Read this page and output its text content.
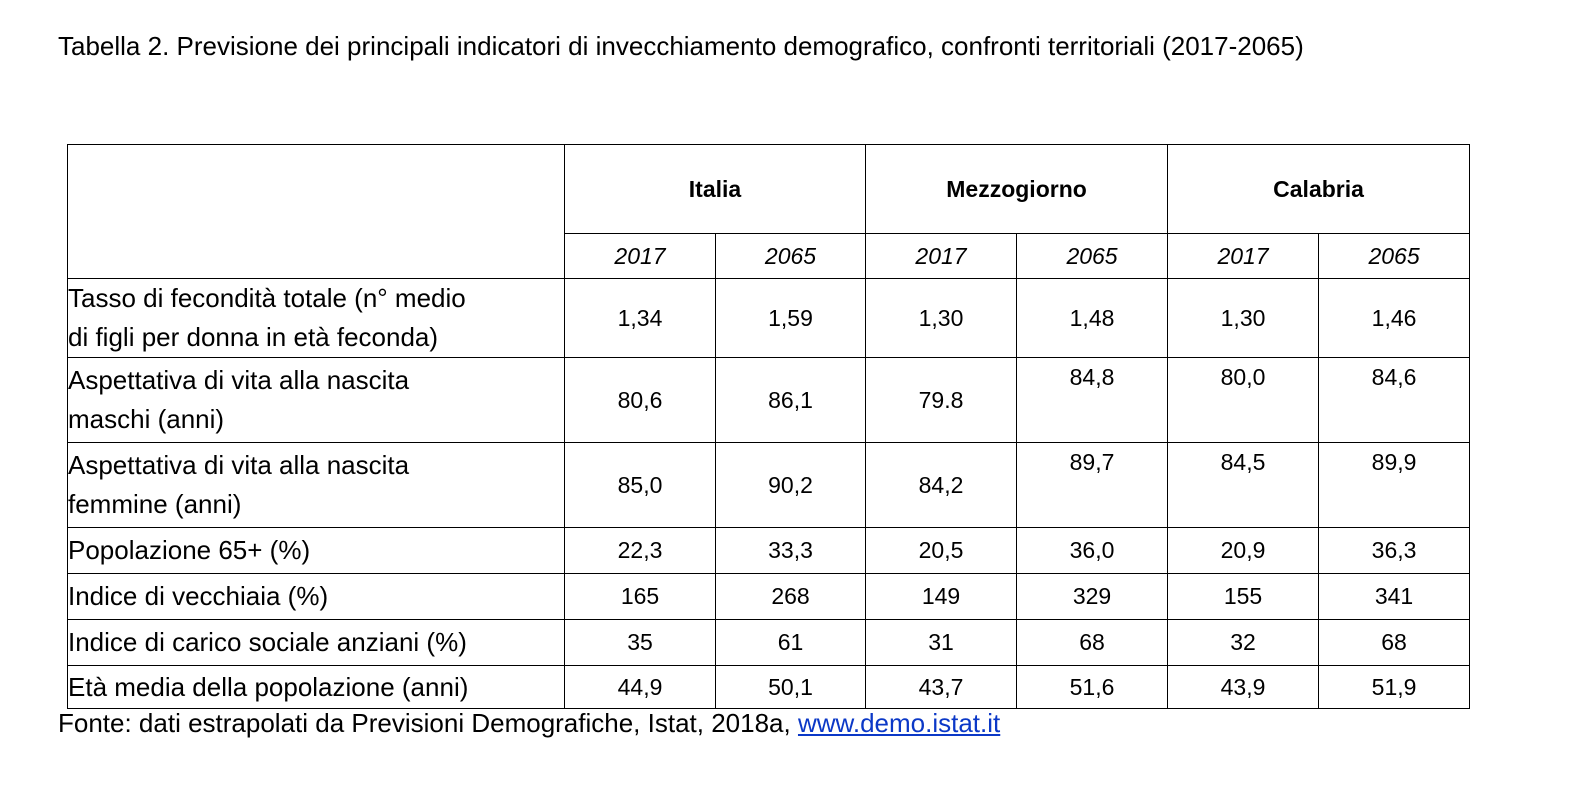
Tabella 2. Previsione dei principali indicatori di invecchiamento demografico, confronti territoriali (2017-2065)
	Italia		Mezzogiorno		Calabria	
	2017	2065	2017	2065	2017	2065
Tasso di fecondità totale (n° medio
di figli per donna in età feconda)	1,34	1,59	1,30	1,48	1,30	1,46
Aspettativa di vita alla nascita
maschi (anni)	80,6	86,1	79.8	84,8	80,0	84,6
Aspettativa di vita alla nascita
femmine (anni)	85,0	90,2	84,2	89,7	84,5	89,9
Popolazione 65+ (%)	22,3	33,3	20,5	36,0	20,9	36,3
Indice di vecchiaia (%)	165	268	149	329	155	341
Indice di carico sociale anziani (%)	35	61	31	68	32	68
Età media della popolazione (anni)	44,9	50,1	43,7	51,6	43,9	51,9
Fonte: dati estrapolati da Previsioni Demografiche, Istat, 2018a, www.demo.istat.it
